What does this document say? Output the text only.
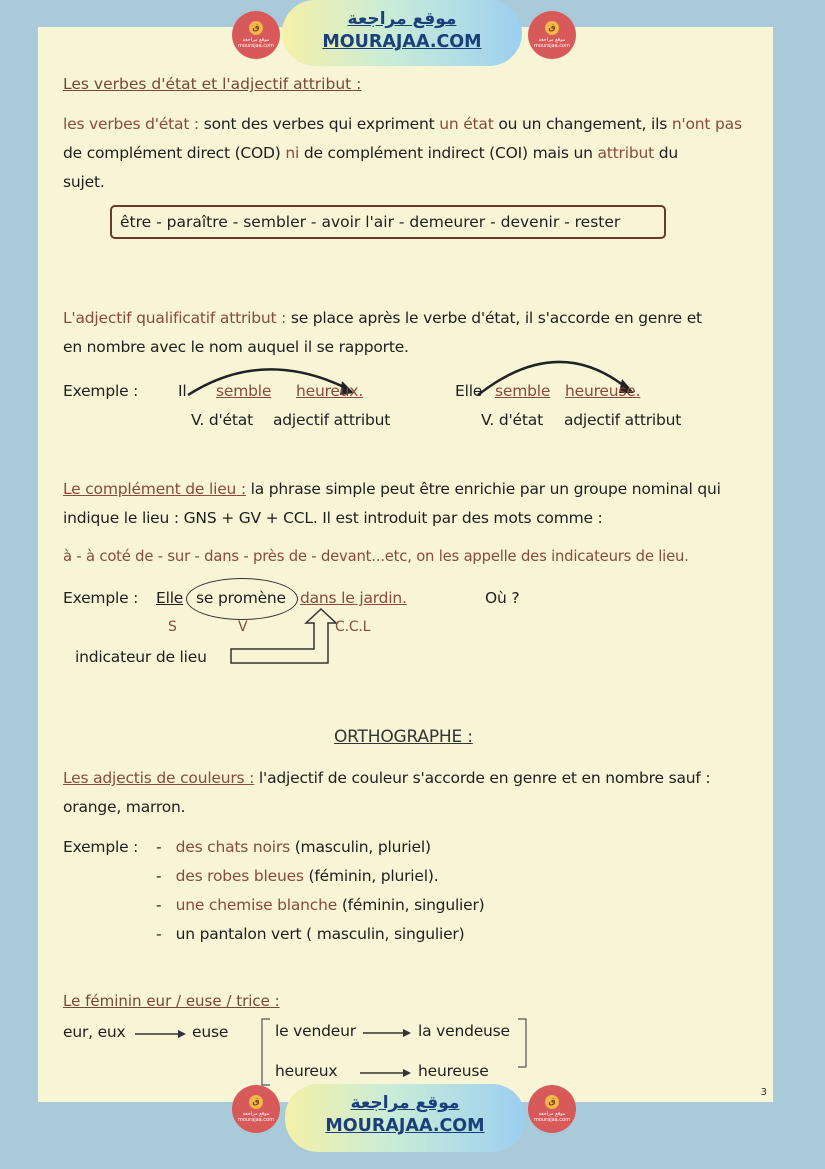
Les verbes d'état et l'adjectif attribut :
les verbes d'état : sont des verbes qui expriment un état ou un changement, ils n'ont pas
de complément direct (COD) ni de complément indirect (COI) mais un attribut du
sujet.
être - paraître - sembler - avoir l'air - demeurer - devenir - rester
L'adjectif qualificatif attribut : se place après le verbe d'état, il s'accorde en genre et
en nombre avec le nom auquel il se rapporte.
Exemple :	Il semble heureux.	Elle semble heureuse.
V. d'état adjectif attribut	V. d'état adjectif attribut
Le complément de lieu : la phrase simple peut être enrichie par un groupe nominal qui
indique le lieu : GNS + GV + CCL. Il est introduit par des mots comme :
à - à coté de - sur - dans - près de - devant...etc, on les appelle des indicateurs de lieu.
Exemple : Elle se promène dans le jardin.	Où ?
S	V	C.C.L
indicateur de lieu
ORTHOGRAPHE :
Les adjectis de couleurs : l'adjectif de couleur s'accorde en genre et en nombre sauf :
orange, marron.
Exemple : - des chats noirs (masculin, pluriel)
- des robes bleues (féminin, pluriel).
- une chemise blanche (féminin, singulier)
- un pantalon vert ( masculin, singulier)
Le féminin eur / euse / trice :
eur, eux	euse	le vendeur	la vendeuse
heureux	heureuse
3
ق
موقع مراجعة
mourajaa.com
موقع مراجعة
MOURAJAA.COM
ق
موقع مراجعة
mourajaa.com
ق
موقع مراجعة
mourajaa.com
موقع مراجعة
MOURAJAA.COM
ق
موقع مراجعة
mourajaa.com
